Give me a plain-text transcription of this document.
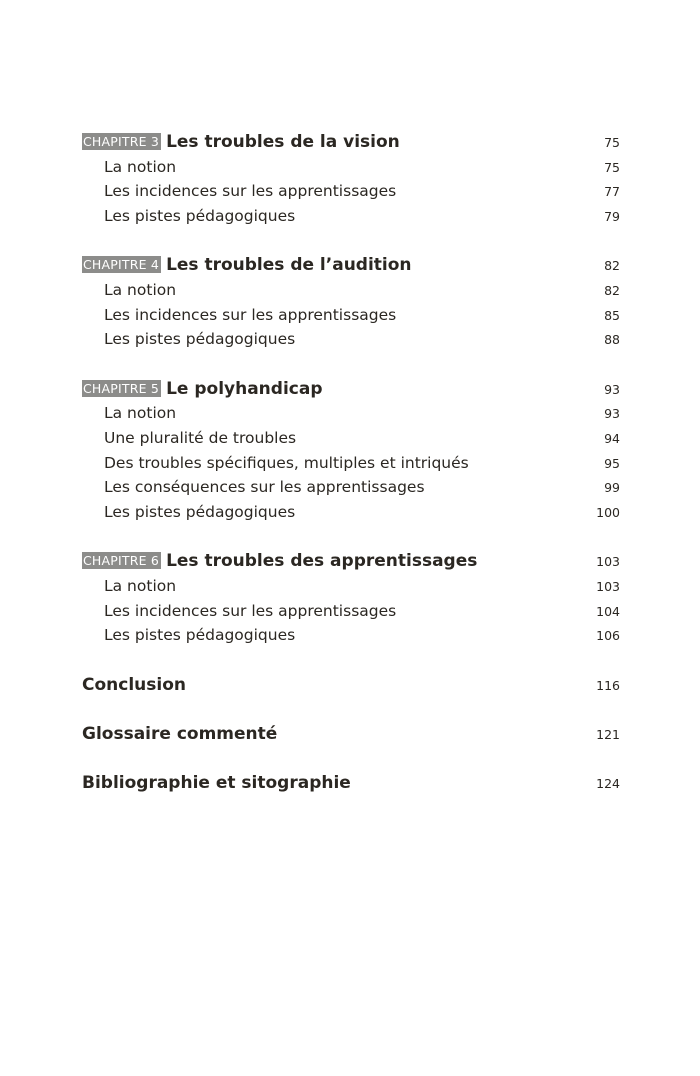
CHAPITRE 3 Les troubles de la vision	75
La notion	75
Les incidences sur les apprentissages	77
Les pistes pédagogiques	79
CHAPITRE 4 Les troubles de l’audition	82
La notion	82
Les incidences sur les apprentissages	85
Les pistes pédagogiques	88
CHAPITRE 5 Le polyhandicap	93
La notion	93
Une pluralité de troubles	94
Des troubles spécifiques, multiples et intriqués	95
Les conséquences sur les apprentissages	99
Les pistes pédagogiques	100
CHAPITRE 6 Les troubles des apprentissages	103
La notion	103
Les incidences sur les apprentissages	104
Les pistes pédagogiques	106
Conclusion	116
Glossaire commenté	121
Bibliographie et sitographie	124
